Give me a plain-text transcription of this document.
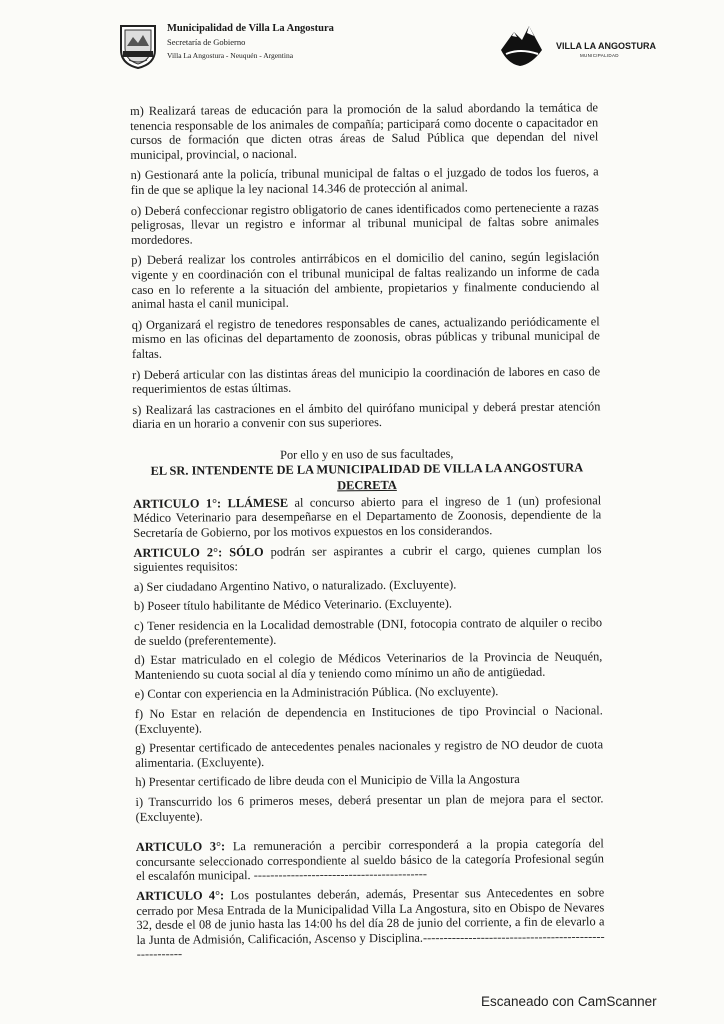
Municipalidad de Villa La Angostura
Secretaría de Gobierno
Villa La Angostura - Neuquén - Argentina
VILLA LA ANGOSTURA
MUNICIPALIDAD

m) Realizará tareas de educación para la promoción de la salud abordando la temática de tenencia responsable de los animales de compañía; participará como docente o capacitador en cursos de formación que dicten otras áreas de Salud Pública que dependan del nivel municipal, provincial, o nacional.

n) Gestionará ante la policía, tribunal municipal de faltas o el juzgado de todos los fueros, a fin de que se aplique la ley nacional 14.346 de protección al animal.

o) Deberá confeccionar registro obligatorio de canes identificados como perteneciente a razas peligrosas, llevar un registro e informar al tribunal municipal de faltas sobre animales mordedores.

p) Deberá realizar los controles antirrábicos en el domicilio del canino, según legislación vigente y en coordinación con el tribunal municipal de faltas realizando un informe de cada caso en lo referente a la situación del ambiente, propietarios y finalmente conduciendo al animal hasta el canil municipal.

q) Organizará el registro de tenedores responsables de canes, actualizando periódicamente el mismo en las oficinas del departamento de zoonosis, obras públicas y tribunal municipal de faltas.

r) Deberá articular con las distintas áreas del municipio la coordinación de labores en caso de requerimientos de estas últimas.

s) Realizará las castraciones en el ámbito del quirófano municipal y deberá prestar atención diaria en un horario a convenir con sus superiores.

Por ello y en uso de sus facultades,
EL SR. INTENDENTE DE LA MUNICIPALIDAD DE VILLA LA ANGOSTURA
DECRETA

ARTICULO 1°: LLÁMESE al concurso abierto para el ingreso de 1 (un) profesional Médico Veterinario para desempeñarse en el Departamento de Zoonosis, dependiente de la Secretaría de Gobierno, por los motivos expuestos en los considerandos.

ARTICULO 2°: SÓLO podrán ser aspirantes a cubrir el cargo, quienes cumplan los siguientes requisitos:

a) Ser ciudadano Argentino Nativo, o naturalizado. (Excluyente).

b) Poseer título habilitante de Médico Veterinario. (Excluyente).

c) Tener residencia en la Localidad demostrable (DNI, fotocopia contrato de alquiler o recibo de sueldo (preferentemente).

d) Estar matriculado en el colegio de Médicos Veterinarios de la Provincia de Neuquén, Manteniendo su cuota social al día y teniendo como mínimo un año de antigüedad.

e) Contar con experiencia en la Administración Pública. (No excluyente).

f) No Estar en relación de dependencia en Instituciones de tipo Provincial o Nacional. (Excluyente).

g) Presentar certificado de antecedentes penales nacionales y registro de NO deudor de cuota alimentaria. (Excluyente).

h) Presentar certificado de libre deuda con el Municipio de Villa la Angostura

i) Transcurrido los 6 primeros meses, deberá presentar un plan de mejora para el sector. (Excluyente).

ARTICULO 3°: La remuneración a percibir corresponderá a la propia categoría del concursante seleccionado correspondiente al sueldo básico de la categoría Profesional según el escalafón municipal. ------------------------------------------

ARTICULO 4°: Los postulantes deberán, además, Presentar sus Antecedentes en sobre cerrado por Mesa Entrada de la Municipalidad Villa La Angostura, sito en Obispo de Nevares 32, desde el 08 de junio hasta las 14:00 hs del día 28 de junio del corriente, a fin de elevarlo a la Junta de Admisión, Calificación, Ascenso y Disciplina.-------------------------------------------------------

Escaneado con CamScanner
